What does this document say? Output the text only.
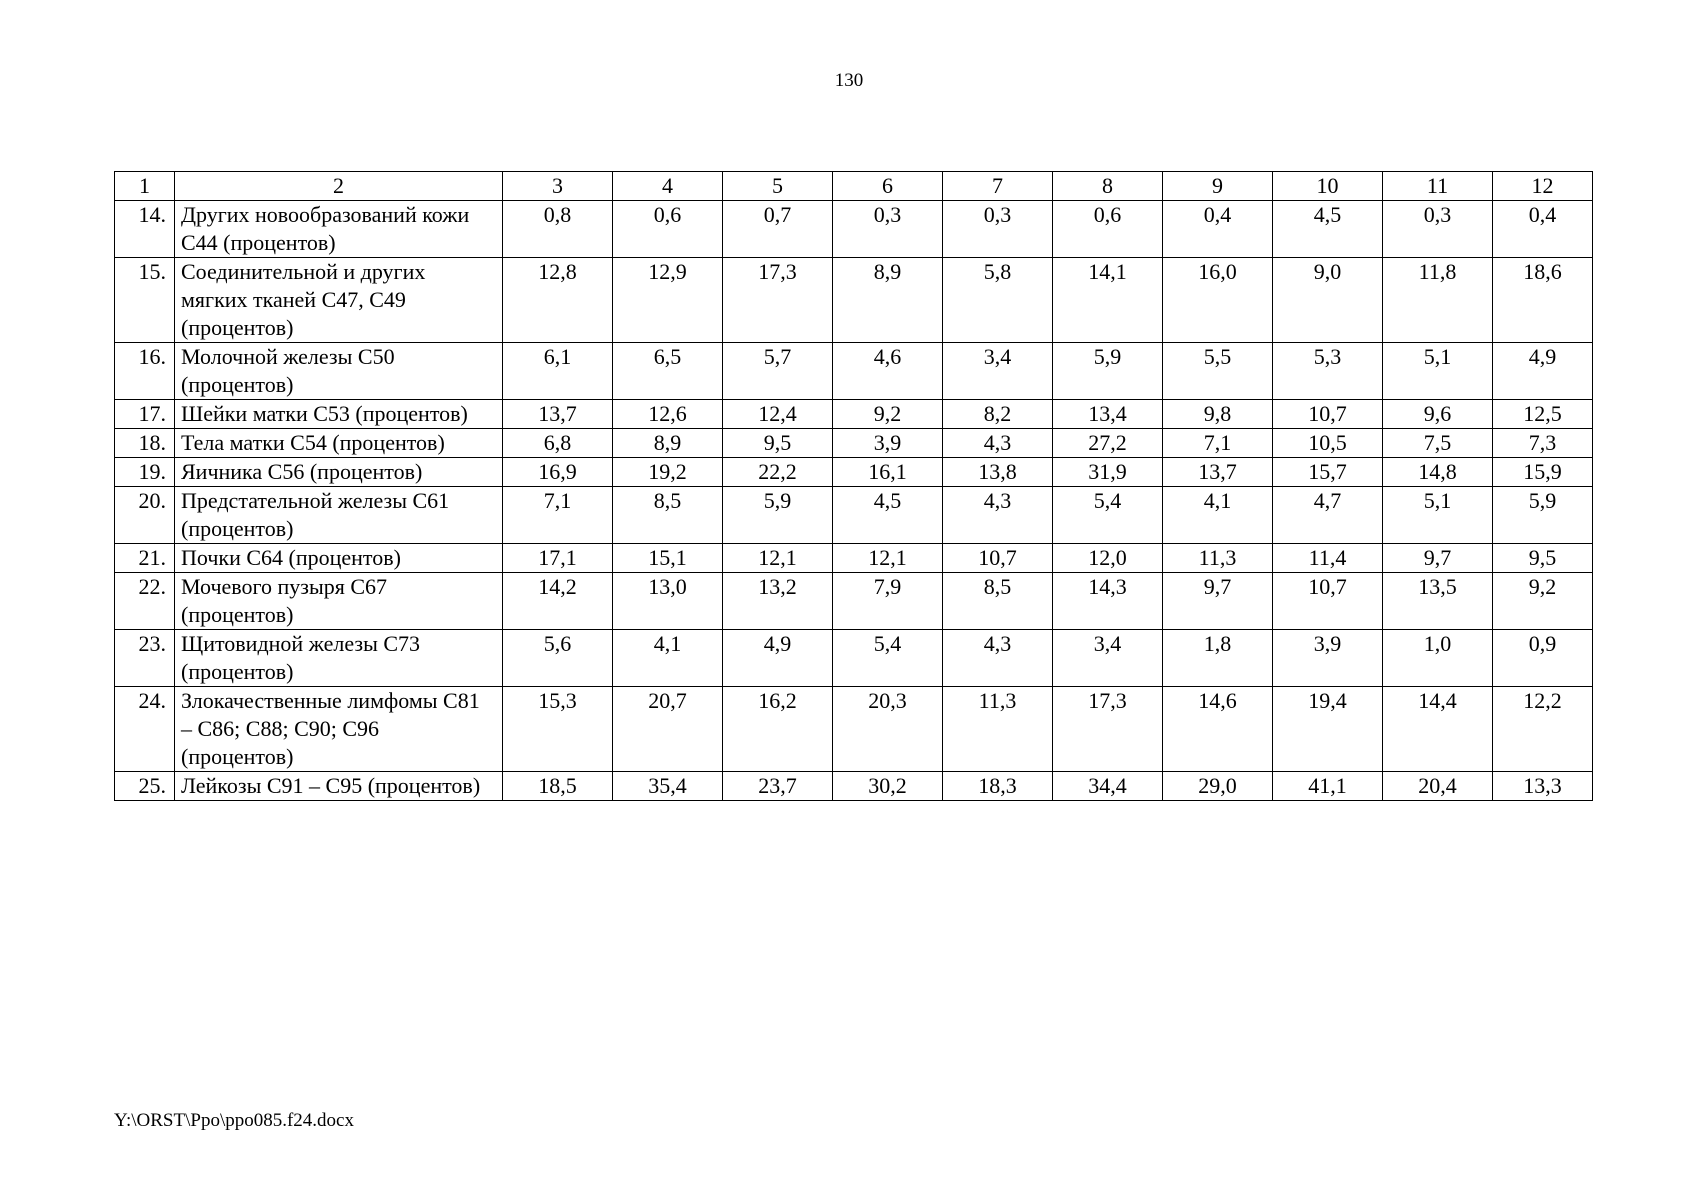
130
1	2	3	4	5	6	7	8	9	10	11	12
14.	Других новообразований кожи C44 (процентов)	0,8	0,6	0,7	0,3	0,3	0,6	0,4	4,5	0,3	0,4
15.	Соединительной и других мягких тканей C47, C49 (процентов)	12,8	12,9	17,3	8,9	5,8	14,1	16,0	9,0	11,8	18,6
16.	Молочной железы C50 (процентов)	6,1	6,5	5,7	4,6	3,4	5,9	5,5	5,3	5,1	4,9
17.	Шейки матки C53 (процентов)	13,7	12,6	12,4	9,2	8,2	13,4	9,8	10,7	9,6	12,5
18.	Тела матки C54 (процентов)	6,8	8,9	9,5	3,9	4,3	27,2	7,1	10,5	7,5	7,3
19.	Яичника C56 (процентов)	16,9	19,2	22,2	16,1	13,8	31,9	13,7	15,7	14,8	15,9
20.	Предстательной железы C61 (процентов)	7,1	8,5	5,9	4,5	4,3	5,4	4,1	4,7	5,1	5,9
21.	Почки C64 (процентов)	17,1	15,1	12,1	12,1	10,7	12,0	11,3	11,4	9,7	9,5
22.	Мочевого пузыря C67 (процентов)	14,2	13,0	13,2	7,9	8,5	14,3	9,7	10,7	13,5	9,2
23.	Щитовидной железы C73 (процентов)	5,6	4,1	4,9	5,4	4,3	3,4	1,8	3,9	1,0	0,9
24.	Злокачественные лимфомы C81 – C86; C88; C90; C96 (процентов)	15,3	20,7	16,2	20,3	11,3	17,3	14,6	19,4	14,4	12,2
25.	Лейкозы C91 – C95 (процентов)	18,5	35,4	23,7	30,2	18,3	34,4	29,0	41,1	20,4	13,3
Y:\ORST\Ppo\ppo085.f24.docx
